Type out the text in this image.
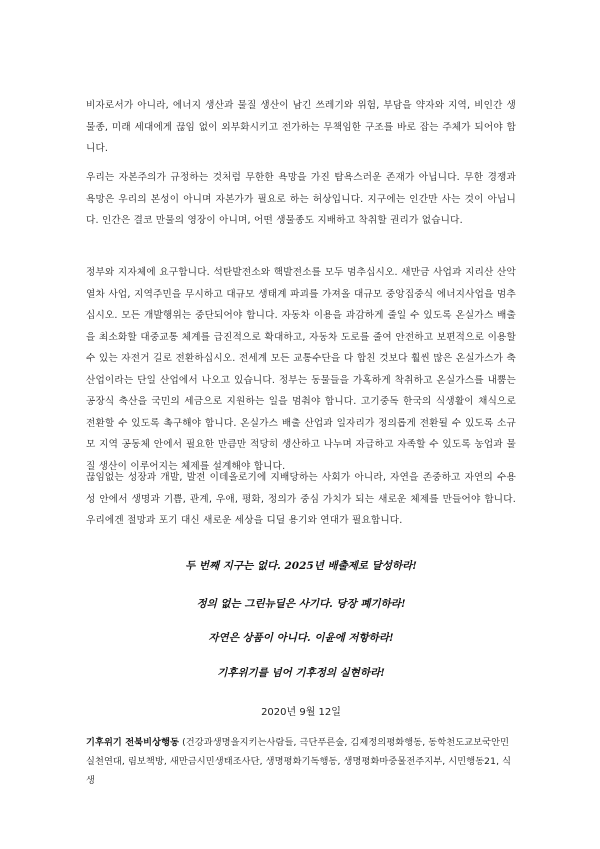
비자로서가 아니라, 에너지 생산과 물질 생산이 남긴 쓰레기와 위험, 부담을 약자와 지역, 비인간 생물종, 미래 세대에게 끊임 없이 외부화시키고 전가하는 무책임한 구조를 바로 잡는 주체가 되어야 합니다.

우리는 자본주의가 규정하는 것처럼 무한한 욕망을 가진 탐욕스러운 존재가 아닙니다. 무한 경쟁과 욕망은 우리의 본성이 아니며 자본가가 필요로 하는 허상입니다. 지구에는 인간만 사는 것이 아닙니다. 인간은 결코 만물의 영장이 아니며, 어떤 생물종도 지배하고 착취할 권리가 없습니다.

정부와 지자체에 요구합니다. 석탄발전소와 핵발전소를 모두 멈추십시오. 새만금 사업과 지리산 산악열차 사업, 지역주민을 무시하고 대규모 생태계 파괴를 가져올 대규모 중앙집중식 에너지사업을 멈추십시오. 모든 개발행위는 중단되어야 합니다. 자동차 이용을 과감하게 줄일 수 있도록 온실가스 배출을 최소화할 대중교통 체계를 급진적으로 확대하고, 자동차 도로를 줄여 안전하고 보편적으로 이용할 수 있는 자전거 길로 전환하십시오. 전세계 모든 교통수단을 다 합친 것보다 훨씬 많은 온실가스가 축산업이라는 단일 산업에서 나오고 있습니다. 정부는 동물들을 가혹하게 착취하고 온실가스를 내뿜는 공장식 축산을 국민의 세금으로 지원하는 일을 멈춰야 합니다. 고기중독 한국의 식생활이 채식으로 전환할 수 있도록 촉구해야 합니다. 온실가스 배출 산업과 일자리가 정의롭게 전환될 수 있도록 소규모 지역 공동체 안에서 필요한 만큼만 적당히 생산하고 나누며 자급하고 자족할 수 있도록 농업과 물질 생산이 이루어지는 체제를 설계해야 합니다.

끊임없는 성장과 개발, 발전 이데올로기에 지배당하는 사회가 아니라, 자연을 존중하고 자연의 수용성 안에서 생명과 기쁨, 관계, 우애, 평화, 정의가 중심 가치가 되는 새로운 체제를 만들어야 합니다. 우리에겐 절망과 포기 대신 새로운 세상을 디딜 용기와 연대가 필요합니다.

두 번째 지구는 없다. 2025년 배출제로 달성하라!

정의 없는 그린뉴딜은 사기다. 당장 폐기하라!

자연은 상품이 아니다. 이윤에 저항하라!

기후위기를 넘어 기후정의 실현하라!

2020년 9월 12일

기후위기 전북비상행동 (건강과생명을지키는사람들, 극단푸른숲, 김제정의평화행동, 동학천도교보국안민실천연대, 림보책방, 새만금시민생태조사단, 생명평화기독행동, 생명평화마중물전주지부, 시민행동21, 식생
